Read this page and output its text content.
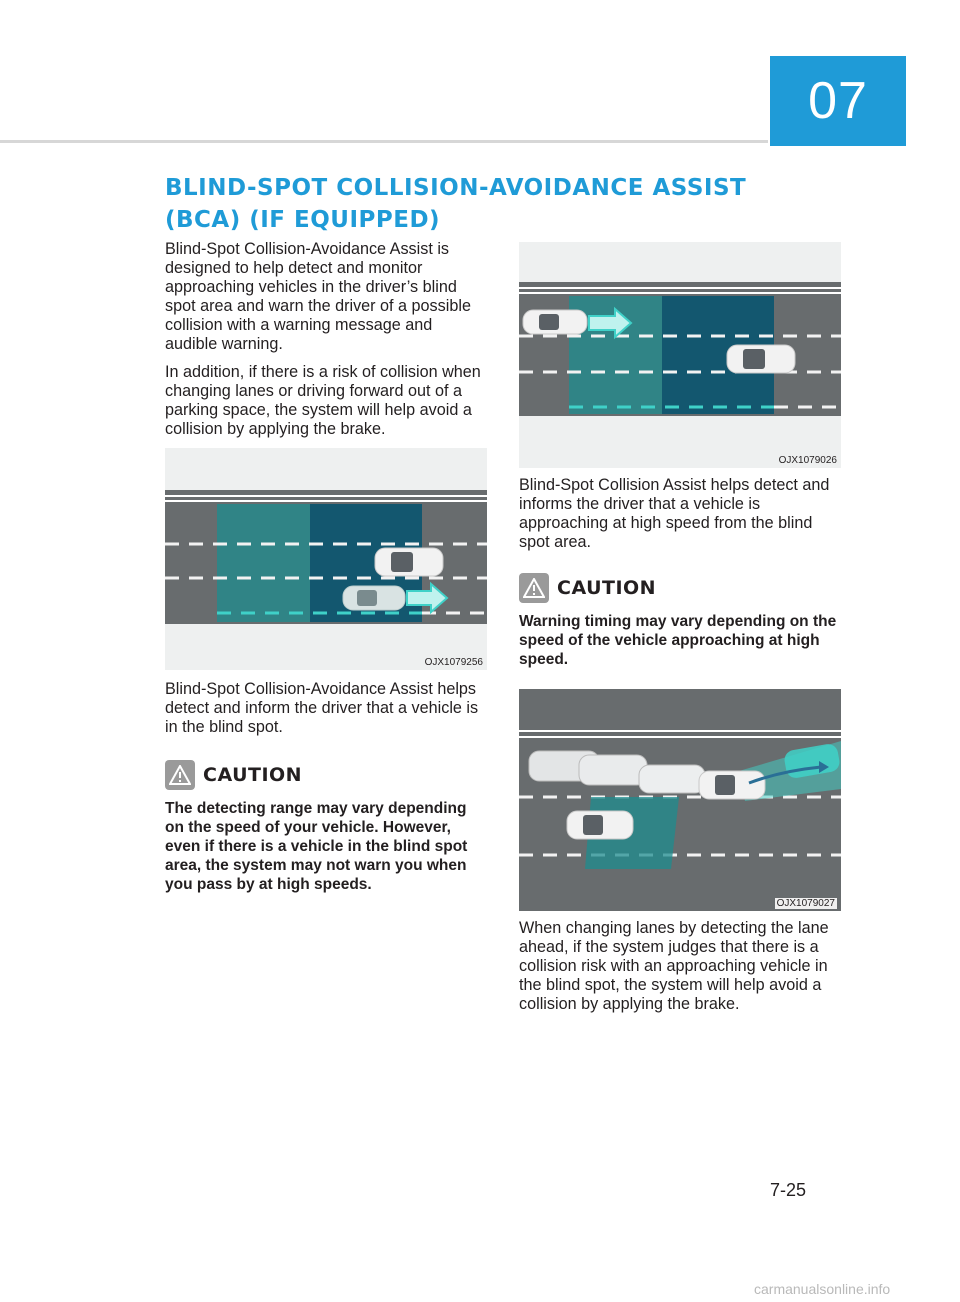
07
BLIND-SPOT COLLISION-AVOIDANCE ASSIST (BCA) (IF EQUIPPED)

Blind-Spot Collision-Avoidance Assist is designed to help detect and monitor approaching vehicles in the driver’s blind spot area and warn the driver of a possible collision with a warning message and audible warning.

In addition, if there is a risk of collision when changing lanes or driving forward out of a parking space, the system will help avoid a collision by applying the brake.

OJX1079256

Blind-Spot Collision-Avoidance Assist helps detect and inform the driver that a vehicle is in the blind spot.

CAUTION
The detecting range may vary depending on the speed of your vehicle. However, even if there is a vehicle in the blind spot area, the system may not warn you when you pass by at high speeds.
OJX1079026

Blind-Spot Collision Assist helps detect and informs the driver that a vehicle is approaching at high speed from the blind spot area.

CAUTION
Warning timing may vary depending on the speed of the vehicle approaching at high speed.
OJX1079027

When changing lanes by detecting the lane ahead, if the system judges that there is a collision risk with an approaching vehicle in the blind spot, the system will help avoid a collision by applying the brake.

7-25
carmanualsonline.info
